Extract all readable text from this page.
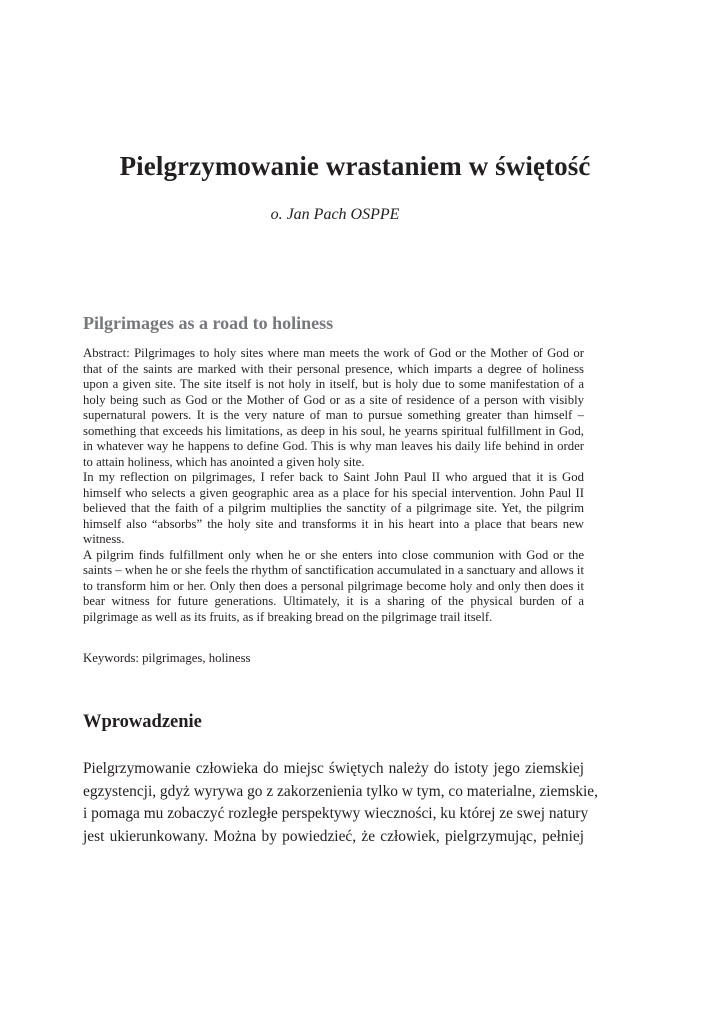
Pielgrzymowanie wrastaniem w świętość

o. Jan Pach OSPPE

Pilgrimages as a road to holiness

Abstract: Pilgrimages to holy sites where man meets the work of God or the Mother of God or that of the saints are marked with their personal presence, which imparts a degree of holiness upon a given site. The site itself is not holy in itself, but is holy due to some manifestation of a holy being such as God or the Mother of God or as a site of residence of a person with visibly supernatural powers. It is the very nature of man to pursue something greater than himself – something that exceeds his limitations, as deep in his soul, he yearns spiritual fulfillment in God, in whatever way he happens to define God. This is why man leaves his daily life behind in order to attain holiness, which has anointed a given holy site.

In my reflection on pilgrimages, I refer back to Saint John Paul II who argued that it is God himself who selects a given geographic area as a place for his special intervention. John Paul II believed that the faith of a pilgrim multiplies the sanctity of a pilgrimage site. Yet, the pilgrim himself also “absorbs” the holy site and transforms it in his heart into a place that bears new witness.

A pilgrim finds fulfillment only when he or she enters into close communion with God or the saints – when he or she feels the rhythm of sanctification accumulated in a sanctuary and allows it to transform him or her. Only then does a personal pilgrimage become holy and only then does it bear witness for future generations. Ultimately, it is a sharing of the physical burden of a pilgrimage as well as its fruits, as if breaking bread on the pilgrimage trail itself.

Keywords: pilgrimages, holiness

Wprowadzenie
Pielgrzymowanie człowieka do miejsc świętych należy do istoty jego ziemskiej
egzystencji, gdyż wyrywa go z zakorzenienia tylko w tym, co materialne, ziemskie,
i pomaga mu zobaczyć rozległe perspektywy wieczności, ku której ze swej natury
jest ukierunkowany. Można by powiedzieć, że człowiek, pielgrzymując, pełniej
